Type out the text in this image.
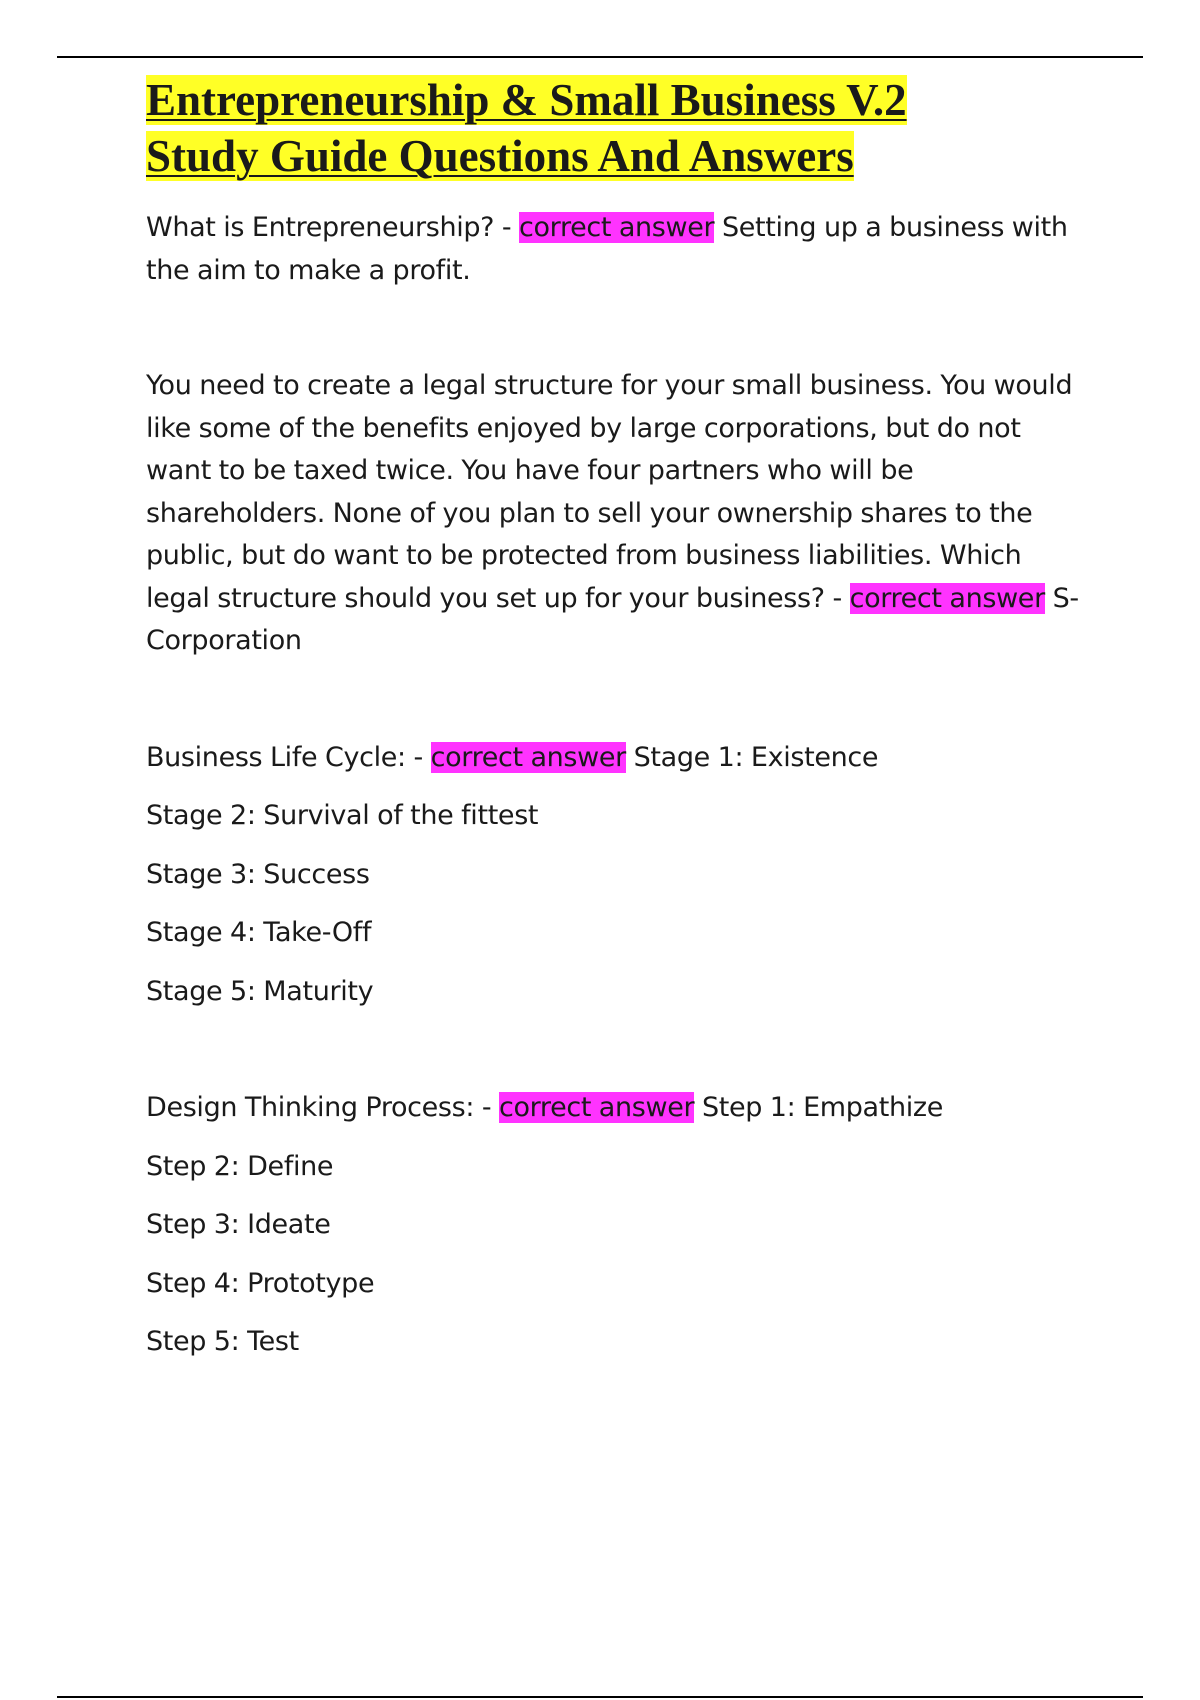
Entrepreneurship & Small Business V.2
Study Guide Questions And Answers

What is Entrepreneurship? - correct answer Setting up a business with the aim to make a profit.

You need to create a legal structure for your small business. You would like some of the benefits enjoyed by large corporations, but do not want to be taxed twice. You have four partners who will be shareholders. None of you plan to sell your ownership shares to the public, but do want to be protected from business liabilities. Which legal structure should you set up for your business? - correct answer S-Corporation

Business Life Cycle: - correct answer Stage 1: Existence

Stage 2: Survival of the fittest

Stage 3: Success

Stage 4: Take-Off

Stage 5: Maturity

Design Thinking Process: - correct answer Step 1: Empathize

Step 2: Define

Step 3: Ideate

Step 4: Prototype

Step 5: Test
